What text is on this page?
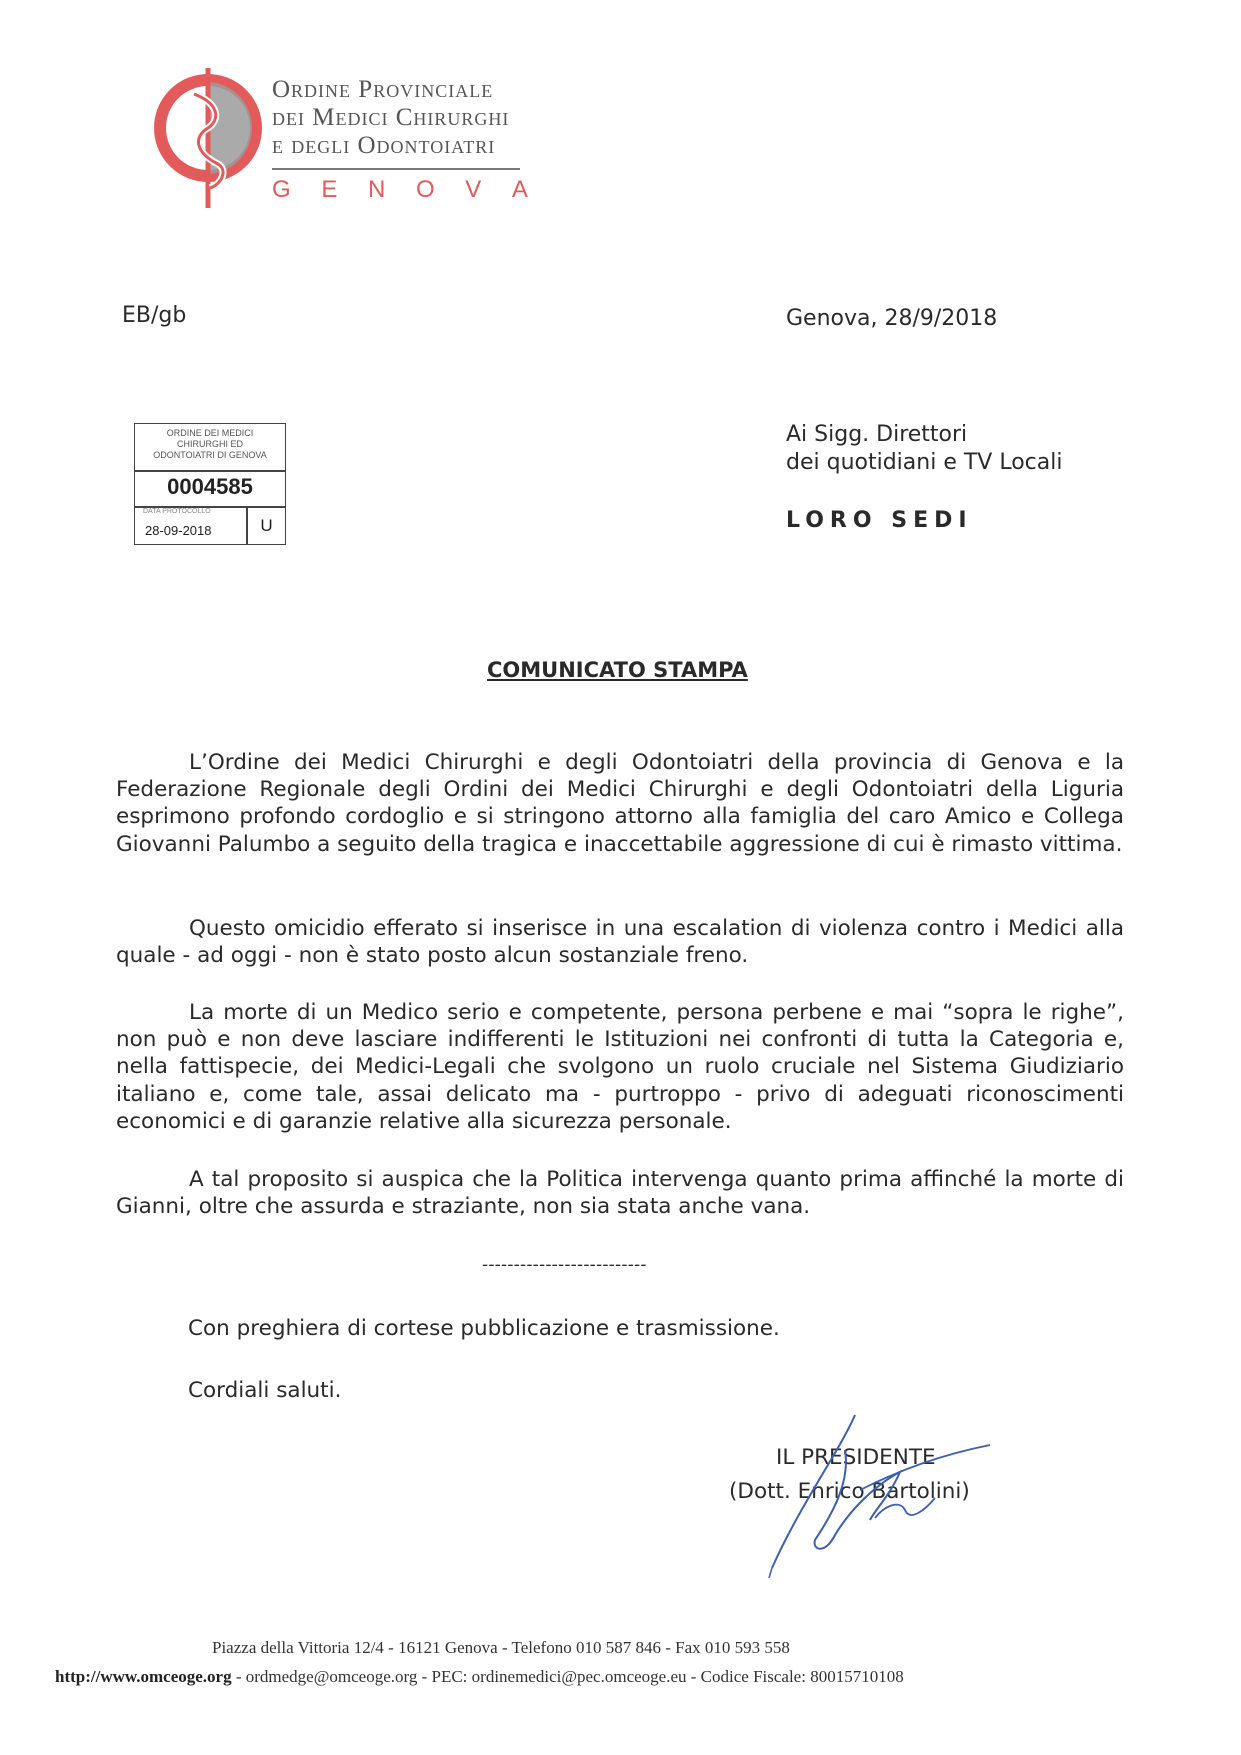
Ordine Provinciale
dei Medici Chirurghi
e degli Odontoiatri
G E N O V A
EB/gb	Genova, 28/9/2018
ORDINE DEI MEDICI
CHIRURGHI ED
ODONTOIATRI DI GENOVA
0004585
DATA PROTOCOLLO
28-09-2018	U
Ai Sigg. Direttori
dei quotidiani e TV Locali
LORO SEDI
COMUNICATO STAMPA

L’Ordine dei Medici Chirurghi e degli Odontoiatri della provincia di Genova e la Federazione Regionale degli Ordini dei Medici Chirurghi e degli Odontoiatri della Liguria esprimono profondo cordoglio e si stringono attorno alla famiglia del caro Amico e Collega Giovanni Palumbo a seguito della tragica e inaccettabile aggressione di cui è rimasto vittima.

Questo omicidio efferato si inserisce in una escalation di violenza contro i Medici alla quale - ad oggi - non è stato posto alcun sostanziale freno.

La morte di un Medico serio e competente, persona perbene e mai “sopra le righe”, non può e non deve lasciare indifferenti le Istituzioni nei confronti di tutta la Categoria e, nella fattispecie, dei Medici-Legali che svolgono un ruolo cruciale nel Sistema Giudiziario italiano e, come tale, assai delicato ma - purtroppo - privo di adeguati riconoscimenti economici e di garanzie relative alla sicurezza personale.

A tal proposito si auspica che la Politica intervenga quanto prima affinché la morte di Gianni, oltre che assurda e straziante, non sia stata anche vana.

--------------------------
Con preghiera di cortese pubblicazione e trasmissione.
Cordiali saluti.
IL PRESIDENTE
(Dott. Enrico Bartolini)
Piazza della Vittoria 12/4 - 16121 Genova - Telefono 010 587 846 - Fax 010 593 558
http://www.omceoge.org - ordmedge@omceoge.org - PEC: ordinemedici@pec.omceoge.eu - Codice Fiscale: 80015710108
